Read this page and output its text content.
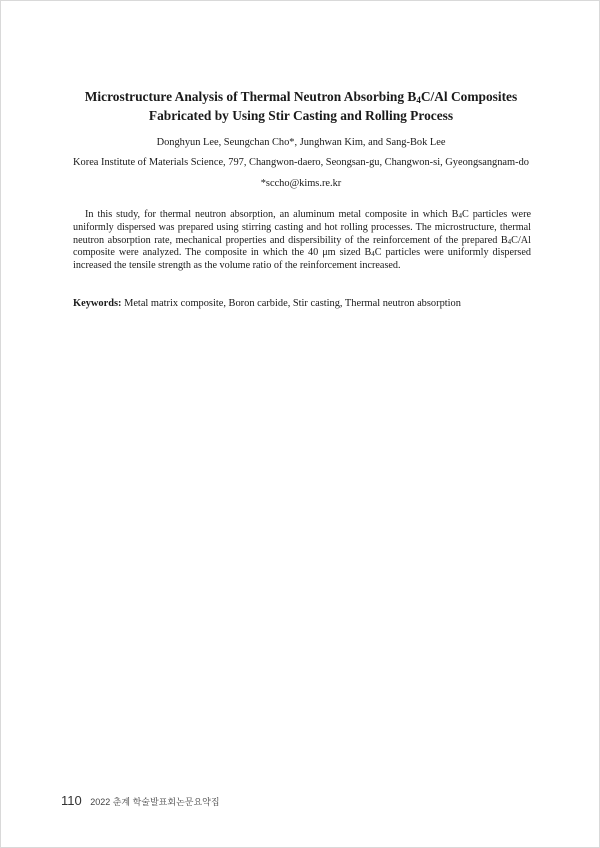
Microstructure Analysis of Thermal Neutron Absorbing $B_4C/Al$ Composites
Fabricated by Using Stir Casting and Rolling Process
Donghyun Lee, Seungchan Cho*, Junghwan Kim, and Sang-Bok Lee
Korea Institute of Materials Science, 797, Changwon-daero, Seongsan-gu, Changwon-si, Gyeongsangnam-do
*sccho@kims.re.kr
In this study, for thermal neutron absorption, an aluminum metal composite in which $B_4C$ particles were uniformly dispersed was prepared using stirring casting and hot rolling processes. The microstructure, thermal neutron absorption rate, mechanical properties and dispersibility of the reinforcement of the prepared $B_4C/Al$ composite were analyzed. The composite in which the 40 μm sized $B_4C$ particles were uniformly dispersed increased the tensile strength as the volume ratio of the reinforcement increased.
Keywords: Metal matrix composite, Boron carbide, Stir casting, Thermal neutron absorption
110 2022 춘계 학술발표회논문요약집
